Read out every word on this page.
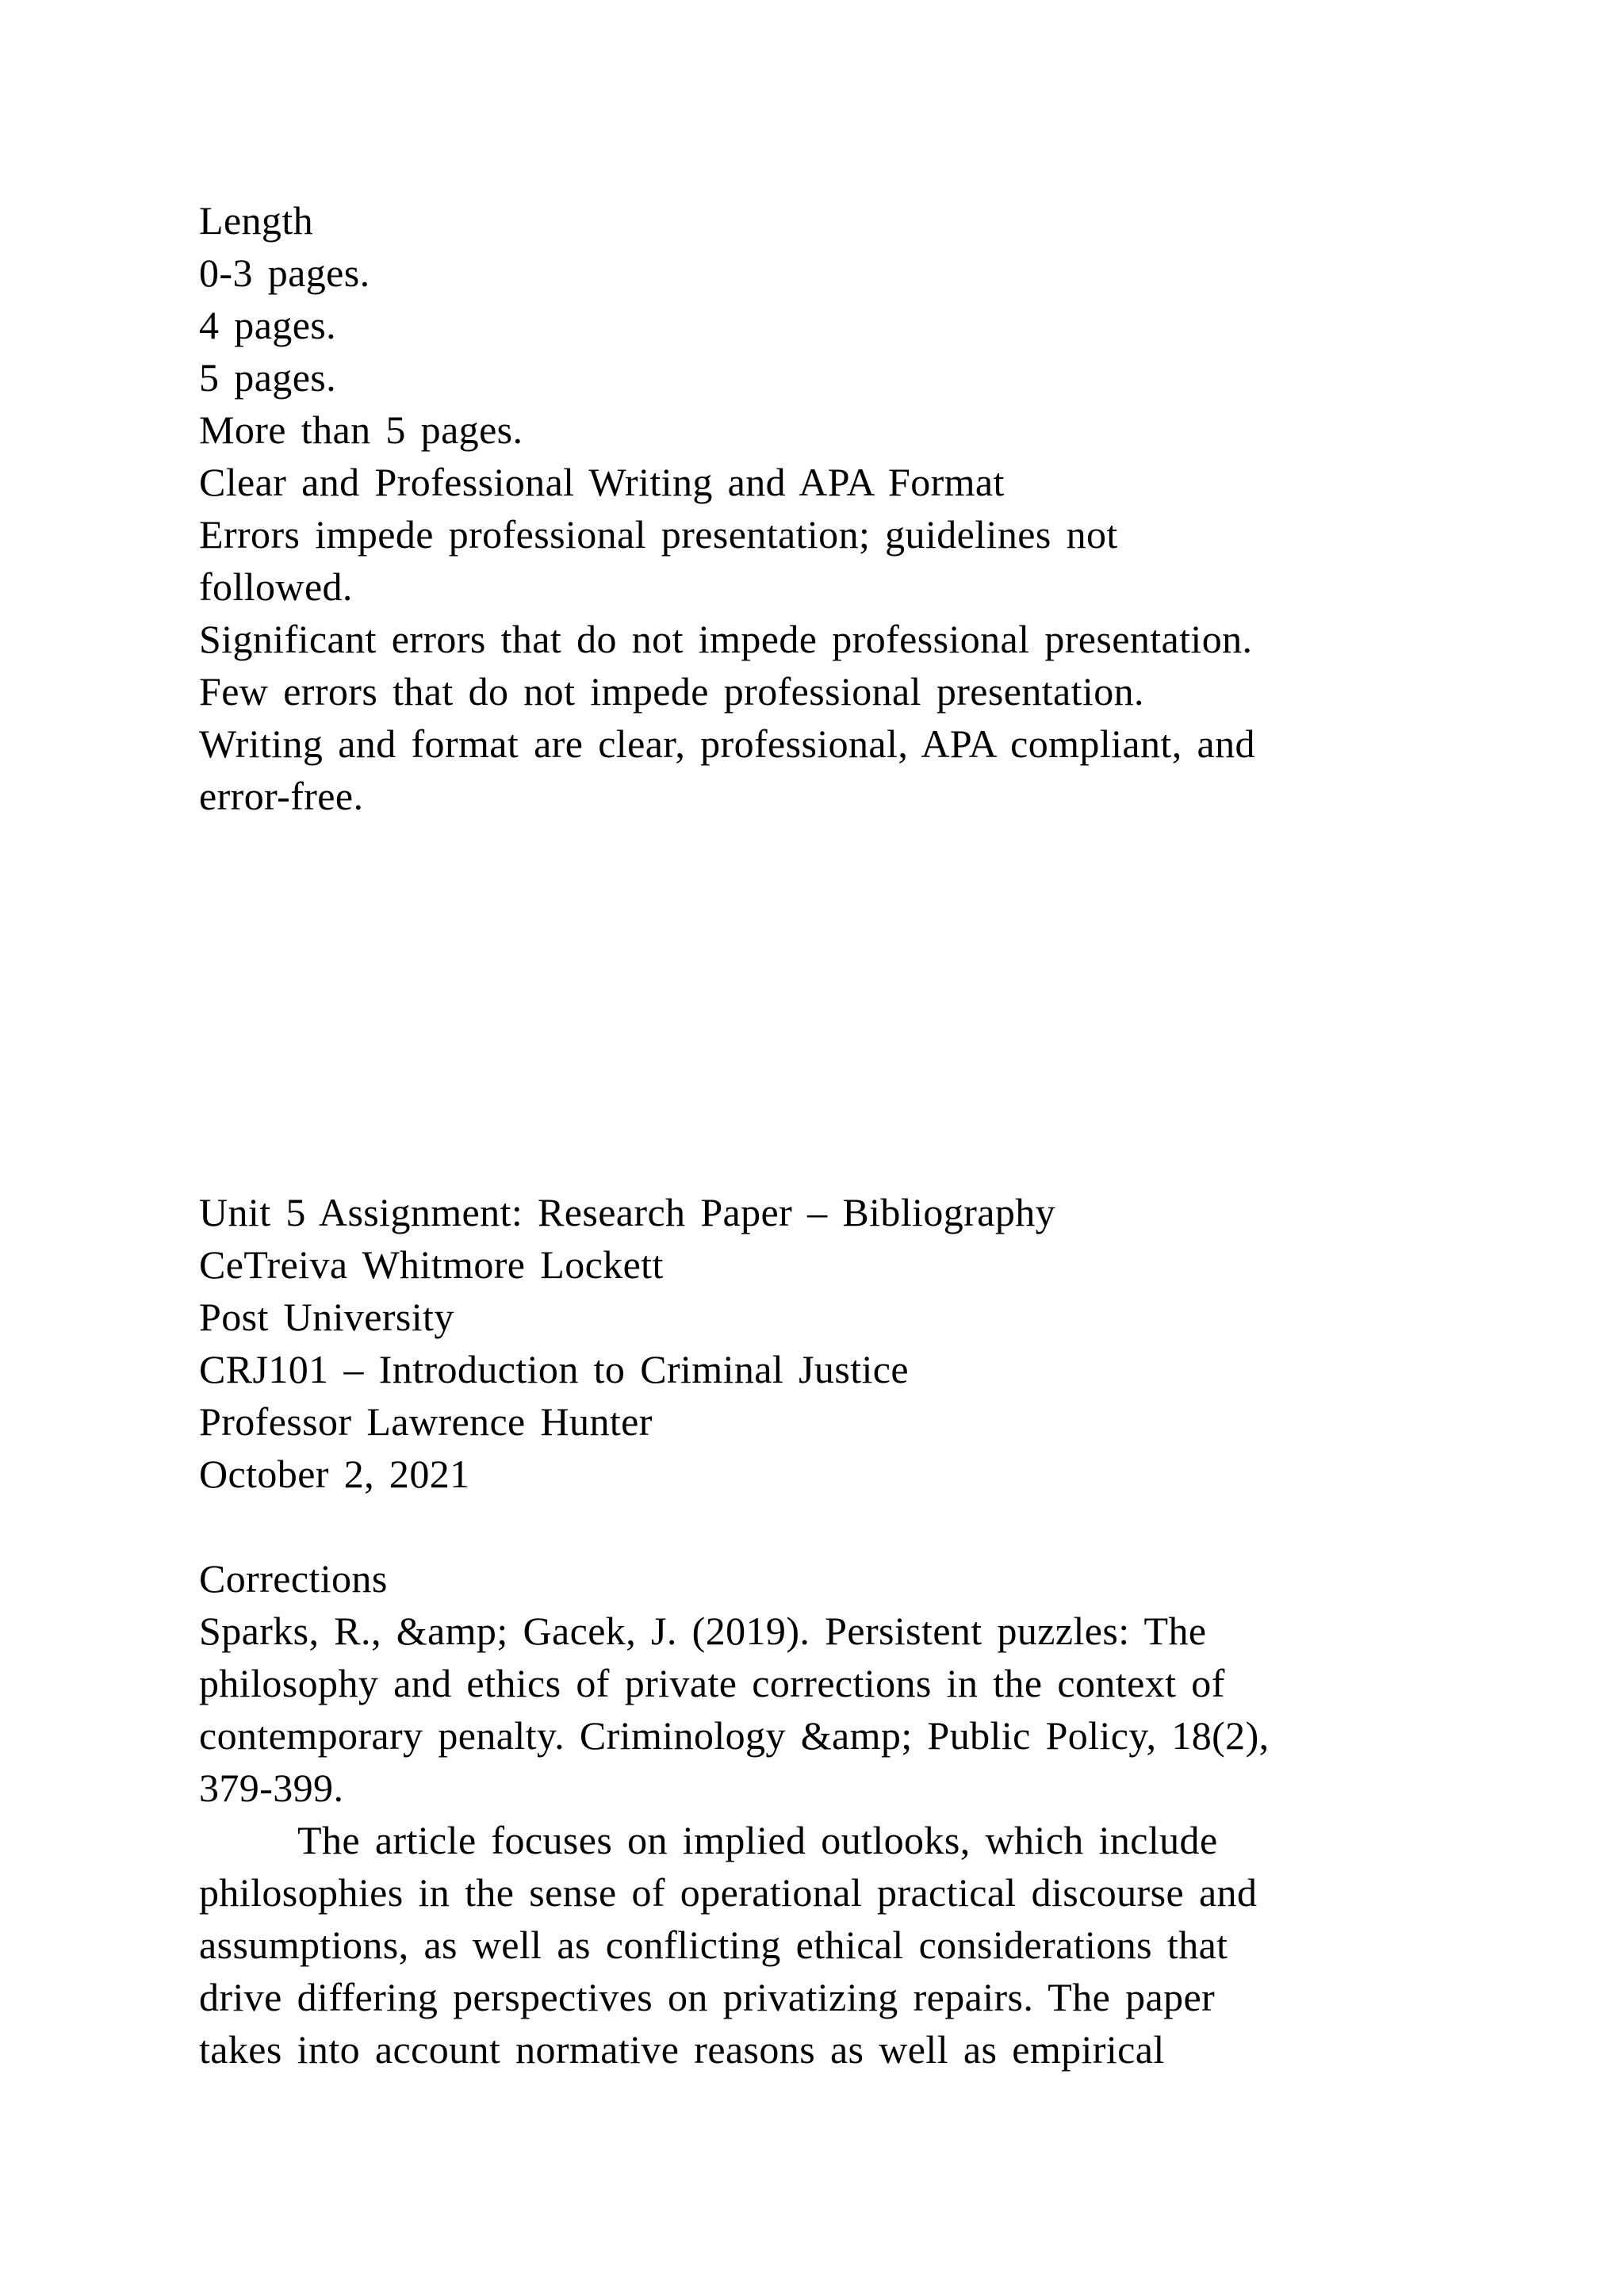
Length
0-3 pages.
4 pages.
5 pages.
More than 5 pages.
Clear and Professional Writing and APA Format
Errors impede professional presentation; guidelines not
followed.
Significant errors that do not impede professional presentation.
Few errors that do not impede professional presentation.
Writing and format are clear, professional, APA compliant, and
error-free.
Unit 5 Assignment: Research Paper – Bibliography
CeTreiva Whitmore Lockett
Post University
CRJ101 – Introduction to Criminal Justice
Professor Lawrence Hunter
October 2, 2021
Corrections
Sparks, R., &amp; Gacek, J. (2019). Persistent puzzles: The
philosophy and ethics of private corrections in the context of
contemporary penalty. Criminology &amp; Public Policy, 18(2),
379-399.
The article focuses on implied outlooks, which include
philosophies in the sense of operational practical discourse and
assumptions, as well as conflicting ethical considerations that
drive differing perspectives on privatizing repairs. The paper
takes into account normative reasons as well as empirical
